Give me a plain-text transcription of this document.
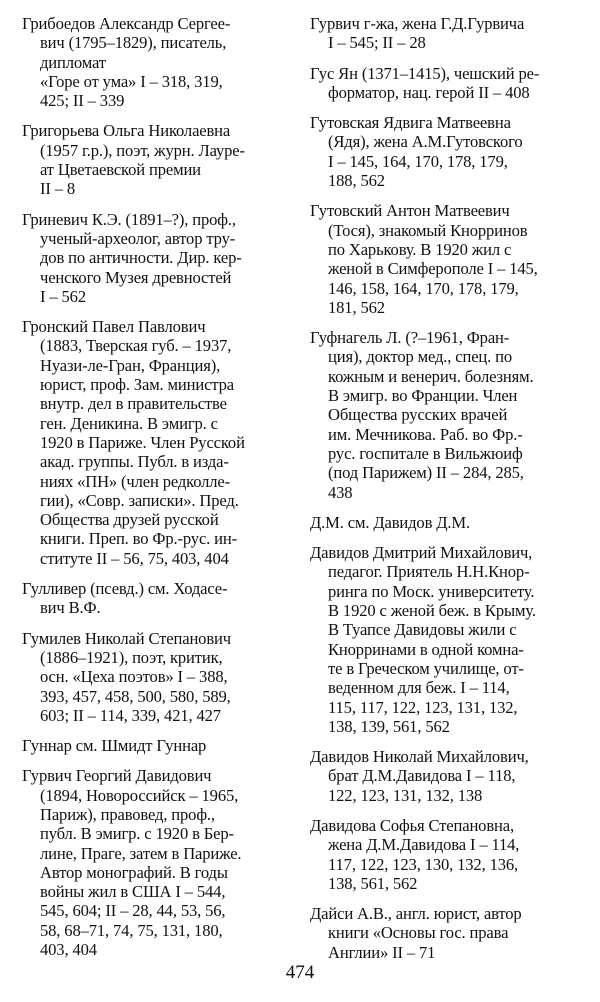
Грибоедов Александр Сергее-
вич (1795–1829), писатель,
дипломат
«Горе от ума» I – 318, 319,
425; II – 339
Григорьева Ольга Николаевна
(1957 г.р.), поэт, журн. Лауре-
ат Цветаевской премии
II – 8
Гриневич К.Э. (1891–?), проф.,
ученый-археолог, автор тру-
дов по античности. Дир. кер-
ченского Музея древностей
I – 562
Гронский Павел Павлович
(1883, Тверская губ. – 1937,
Нуази-ле-Гран, Франция),
юрист, проф. Зам. министра
внутр. дел в правительстве
ген. Деникина. В эмигр. с
1920 в Париже. Член Русской
акад. группы. Публ. в изда-
ниях «ПН» (член редколле-
гии), «Совр. записки». Пред.
Общества друзей русской
книги. Преп. во Фр.-рус. ин-
ституте II – 56, 75, 403, 404
Гулливер (псевд.) см. Ходасе-
вич В.Ф.
Гумилев Николай Степанович
(1886–1921), поэт, критик,
осн. «Цеха поэтов» I – 388,
393, 457, 458, 500, 580, 589,
603; II – 114, 339, 421, 427
Гуннар см. Шмидт Гуннар
Гурвич Георгий Давидович
(1894, Новороссийск – 1965,
Париж), правовед, проф.,
публ. В эмигр. с 1920 в Бер-
лине, Праге, затем в Париже.
Автор монографий. В годы
войны жил в США I – 544,
545, 604; II – 28, 44, 53, 56,
58, 68–71, 74, 75, 131, 180,
403, 404
Гурвич г-жа, жена Г.Д.Гурвича
I – 545; II – 28
Гус Ян (1371–1415), чешский ре-
форматор, нац. герой II – 408
Гутовская Ядвига Матвеевна
(Ядя), жена А.М.Гутовского
I – 145, 164, 170, 178, 179,
188, 562
Гутовский Антон Матвеевич
(Тося), знакомый Кнорринов
по Харькову. В 1920 жил с
женой в Симферополе I – 145,
146, 158, 164, 170, 178, 179,
181, 562
Гуфнагель Л. (?–1961, Фран-
ция), доктор мед., спец. по
кожным и венерич. болезням.
В эмигр. во Франции. Член
Общества русских врачей
им. Мечникова. Раб. во Фр.-
рус. госпитале в Вильжюиф
(под Парижем) II – 284, 285,
438
Д.М. см. Давидов Д.М.
Давидов Дмитрий Михайлович,
педагог. Приятель Н.Н.Кнор-
ринга по Моск. университету.
В 1920 с женой беж. в Крыму.
В Туапсе Давидовы жили с
Кнорринами в одной комна-
те в Греческом училище, от-
веденном для беж. I – 114,
115, 117, 122, 123, 131, 132,
138, 139, 561, 562
Давидов Николай Михайлович,
брат Д.М.Давидова I – 118,
122, 123, 131, 132, 138
Давидова Софья Степановна,
жена Д.М.Давидова I – 114,
117, 122, 123, 130, 132, 136,
138, 561, 562
Дайси А.В., англ. юрист, автор
книги «Основы гос. права
Англии» II – 71
474
